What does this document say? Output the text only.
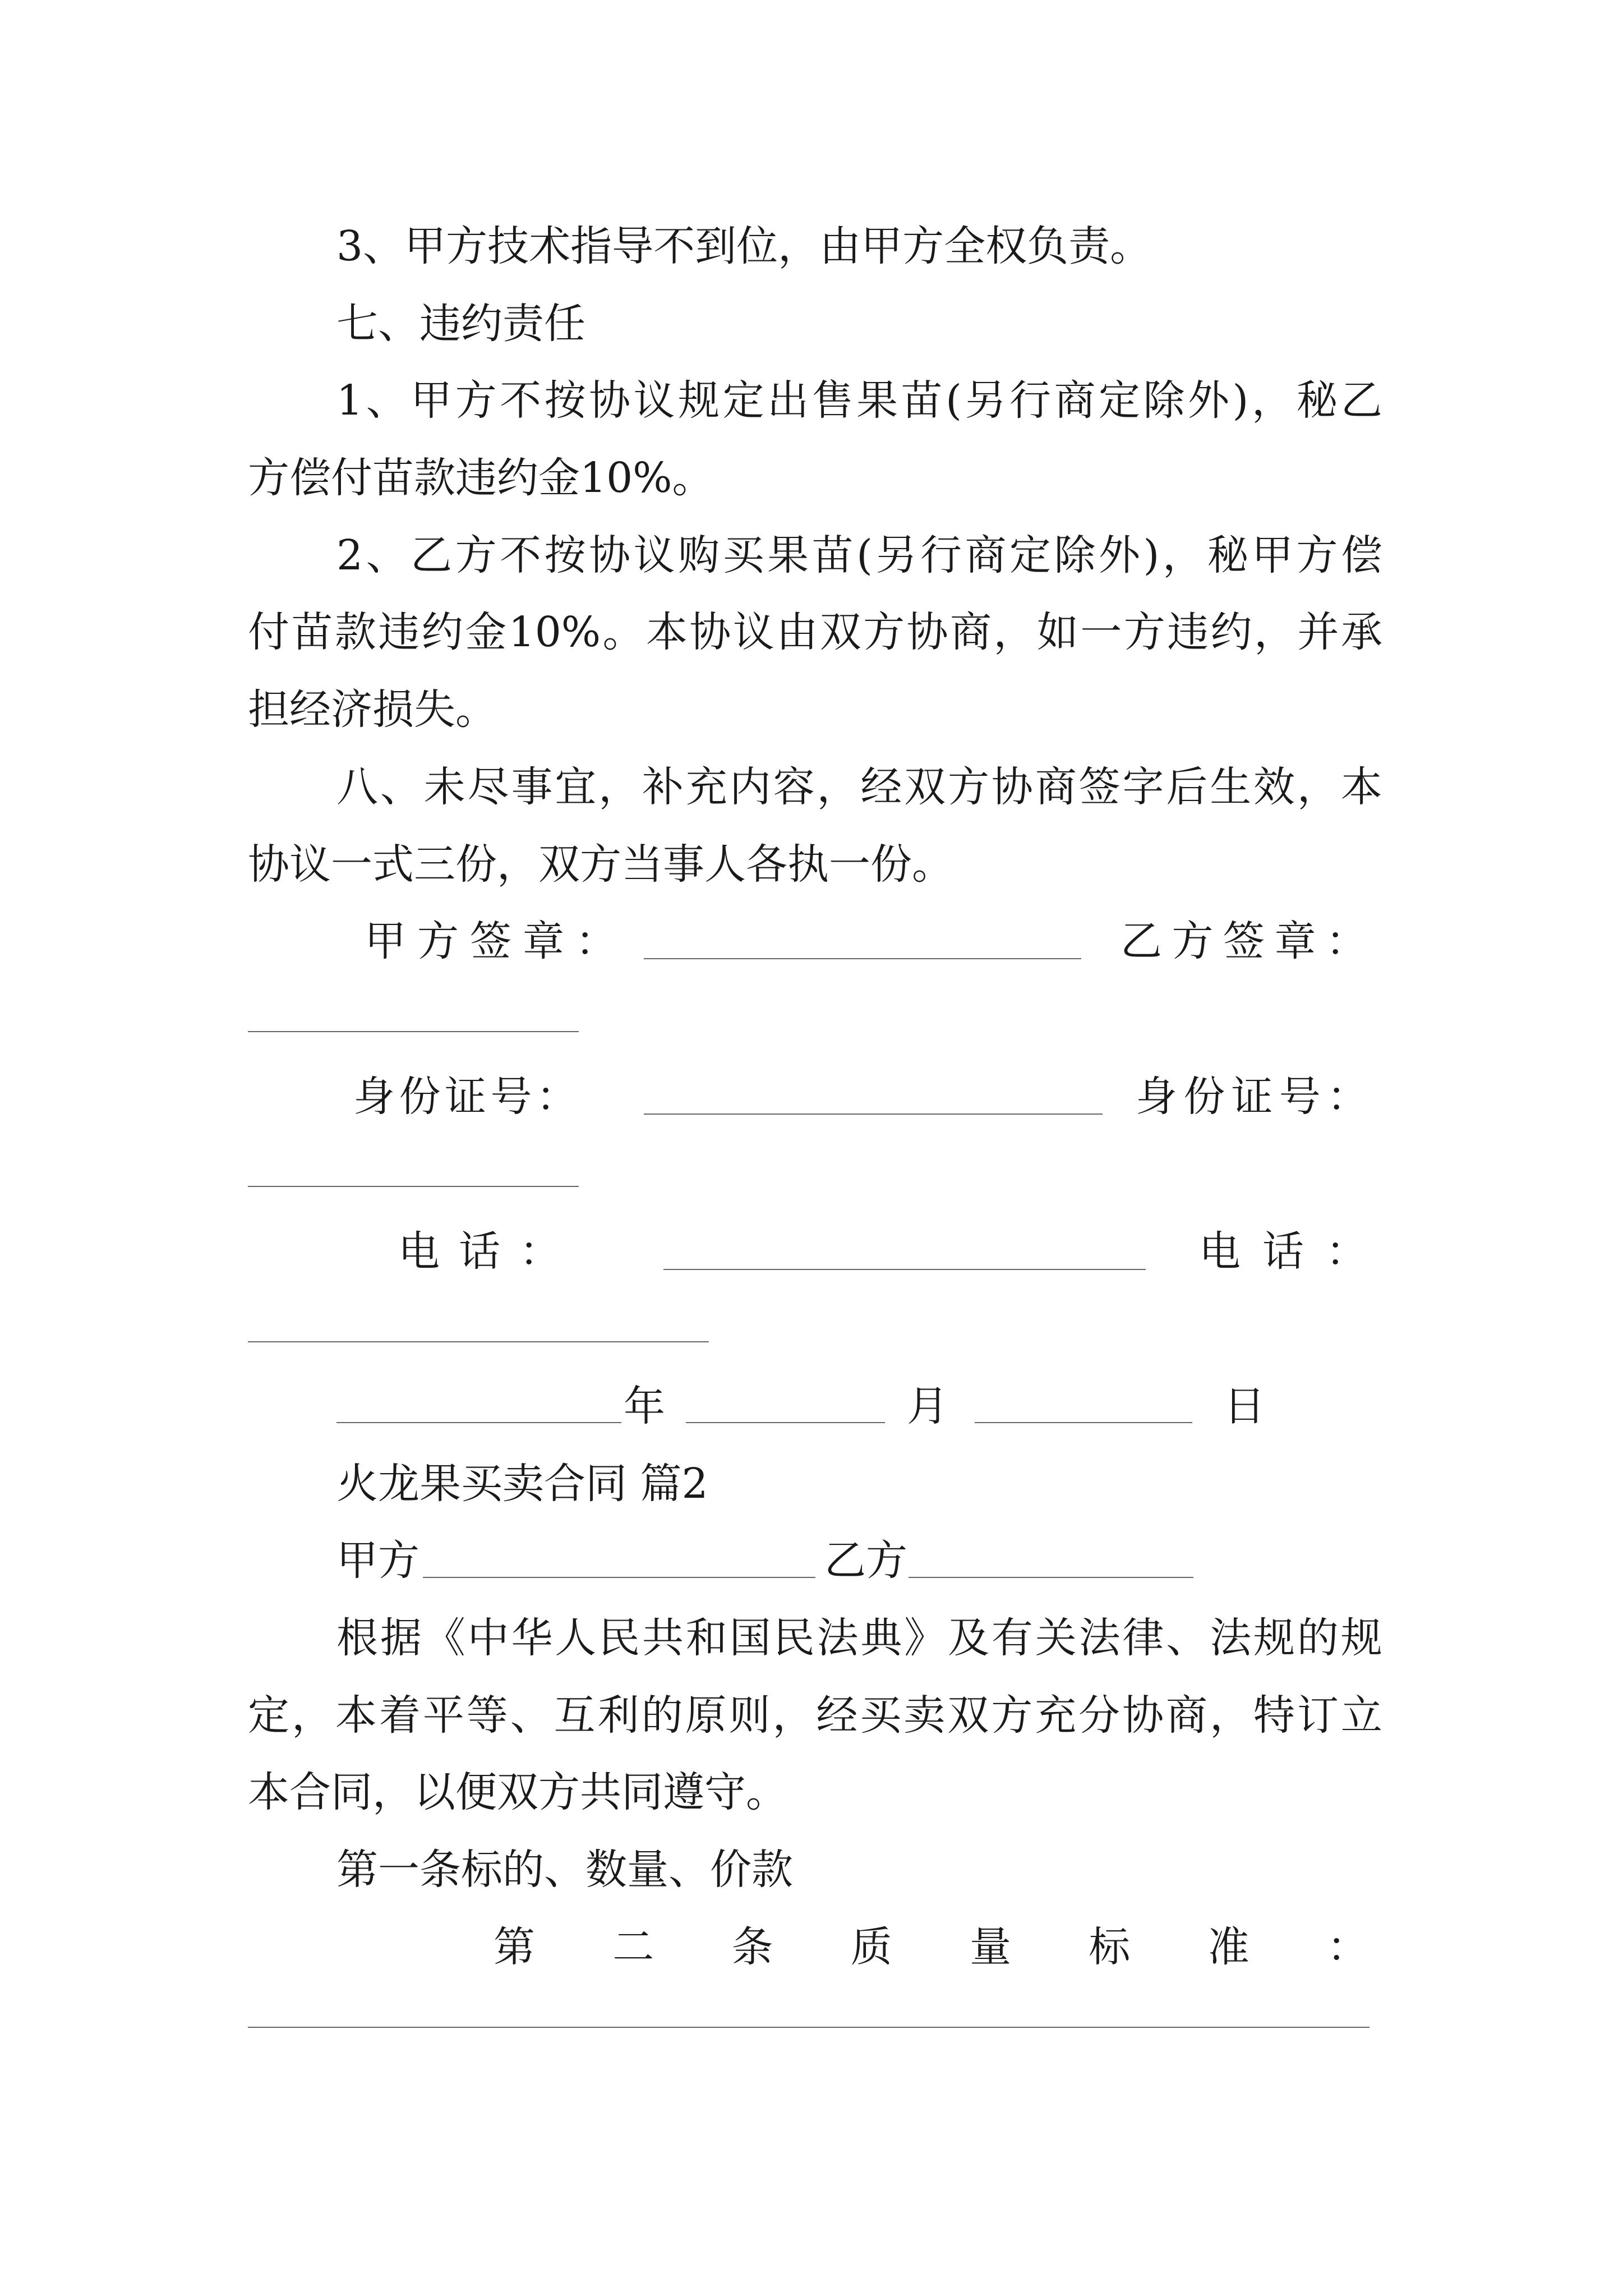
3、甲方技术指导不到位，由甲方全权负责。
七、违约责任
1 、 甲 方 不 按 协 议 规 定 出 售 果 苗 ( 另 行 商 定 除 外 ) ， 秘 乙
方偿付苗款违约金10%。
2 、 乙 方 不 按 协 议 购 买 果 苗 ( 另 行 商 定 除 外 ) ， 秘 甲 方 偿
付 苗 款 违 约 金 10% 。 本 协 议 由 双 方 协 商 ， 如 一 方 违 约 ， 并 承
担经济损失。
八 、 未 尽 事 宜 ， 补 充 内 容 ， 经 双 方 协 商 签 字 后 生 效 ， 本
协议一式三份，双方当事人各执一份。
甲 方 签 章 ：	乙 方 签 章 ：
身 份 证 号 ：	身 份 证 号 ：
电 话 ：	电 话 ：
年	月	日
火龙果买卖合同 篇2
甲方	乙方
根 据 《 中 华 人 民 共 和 国 民 法 典 》 及 有 关 法 律 、 法 规 的 规
定 ， 本 着 平 等 、 互 利 的 原 则 ， 经 买 卖 双 方 充 分 协 商 ， 特 订 立
本合同，以便双方共同遵守。
第一条标的、数量、价款
第 二 条 质 量 标 准 ：
